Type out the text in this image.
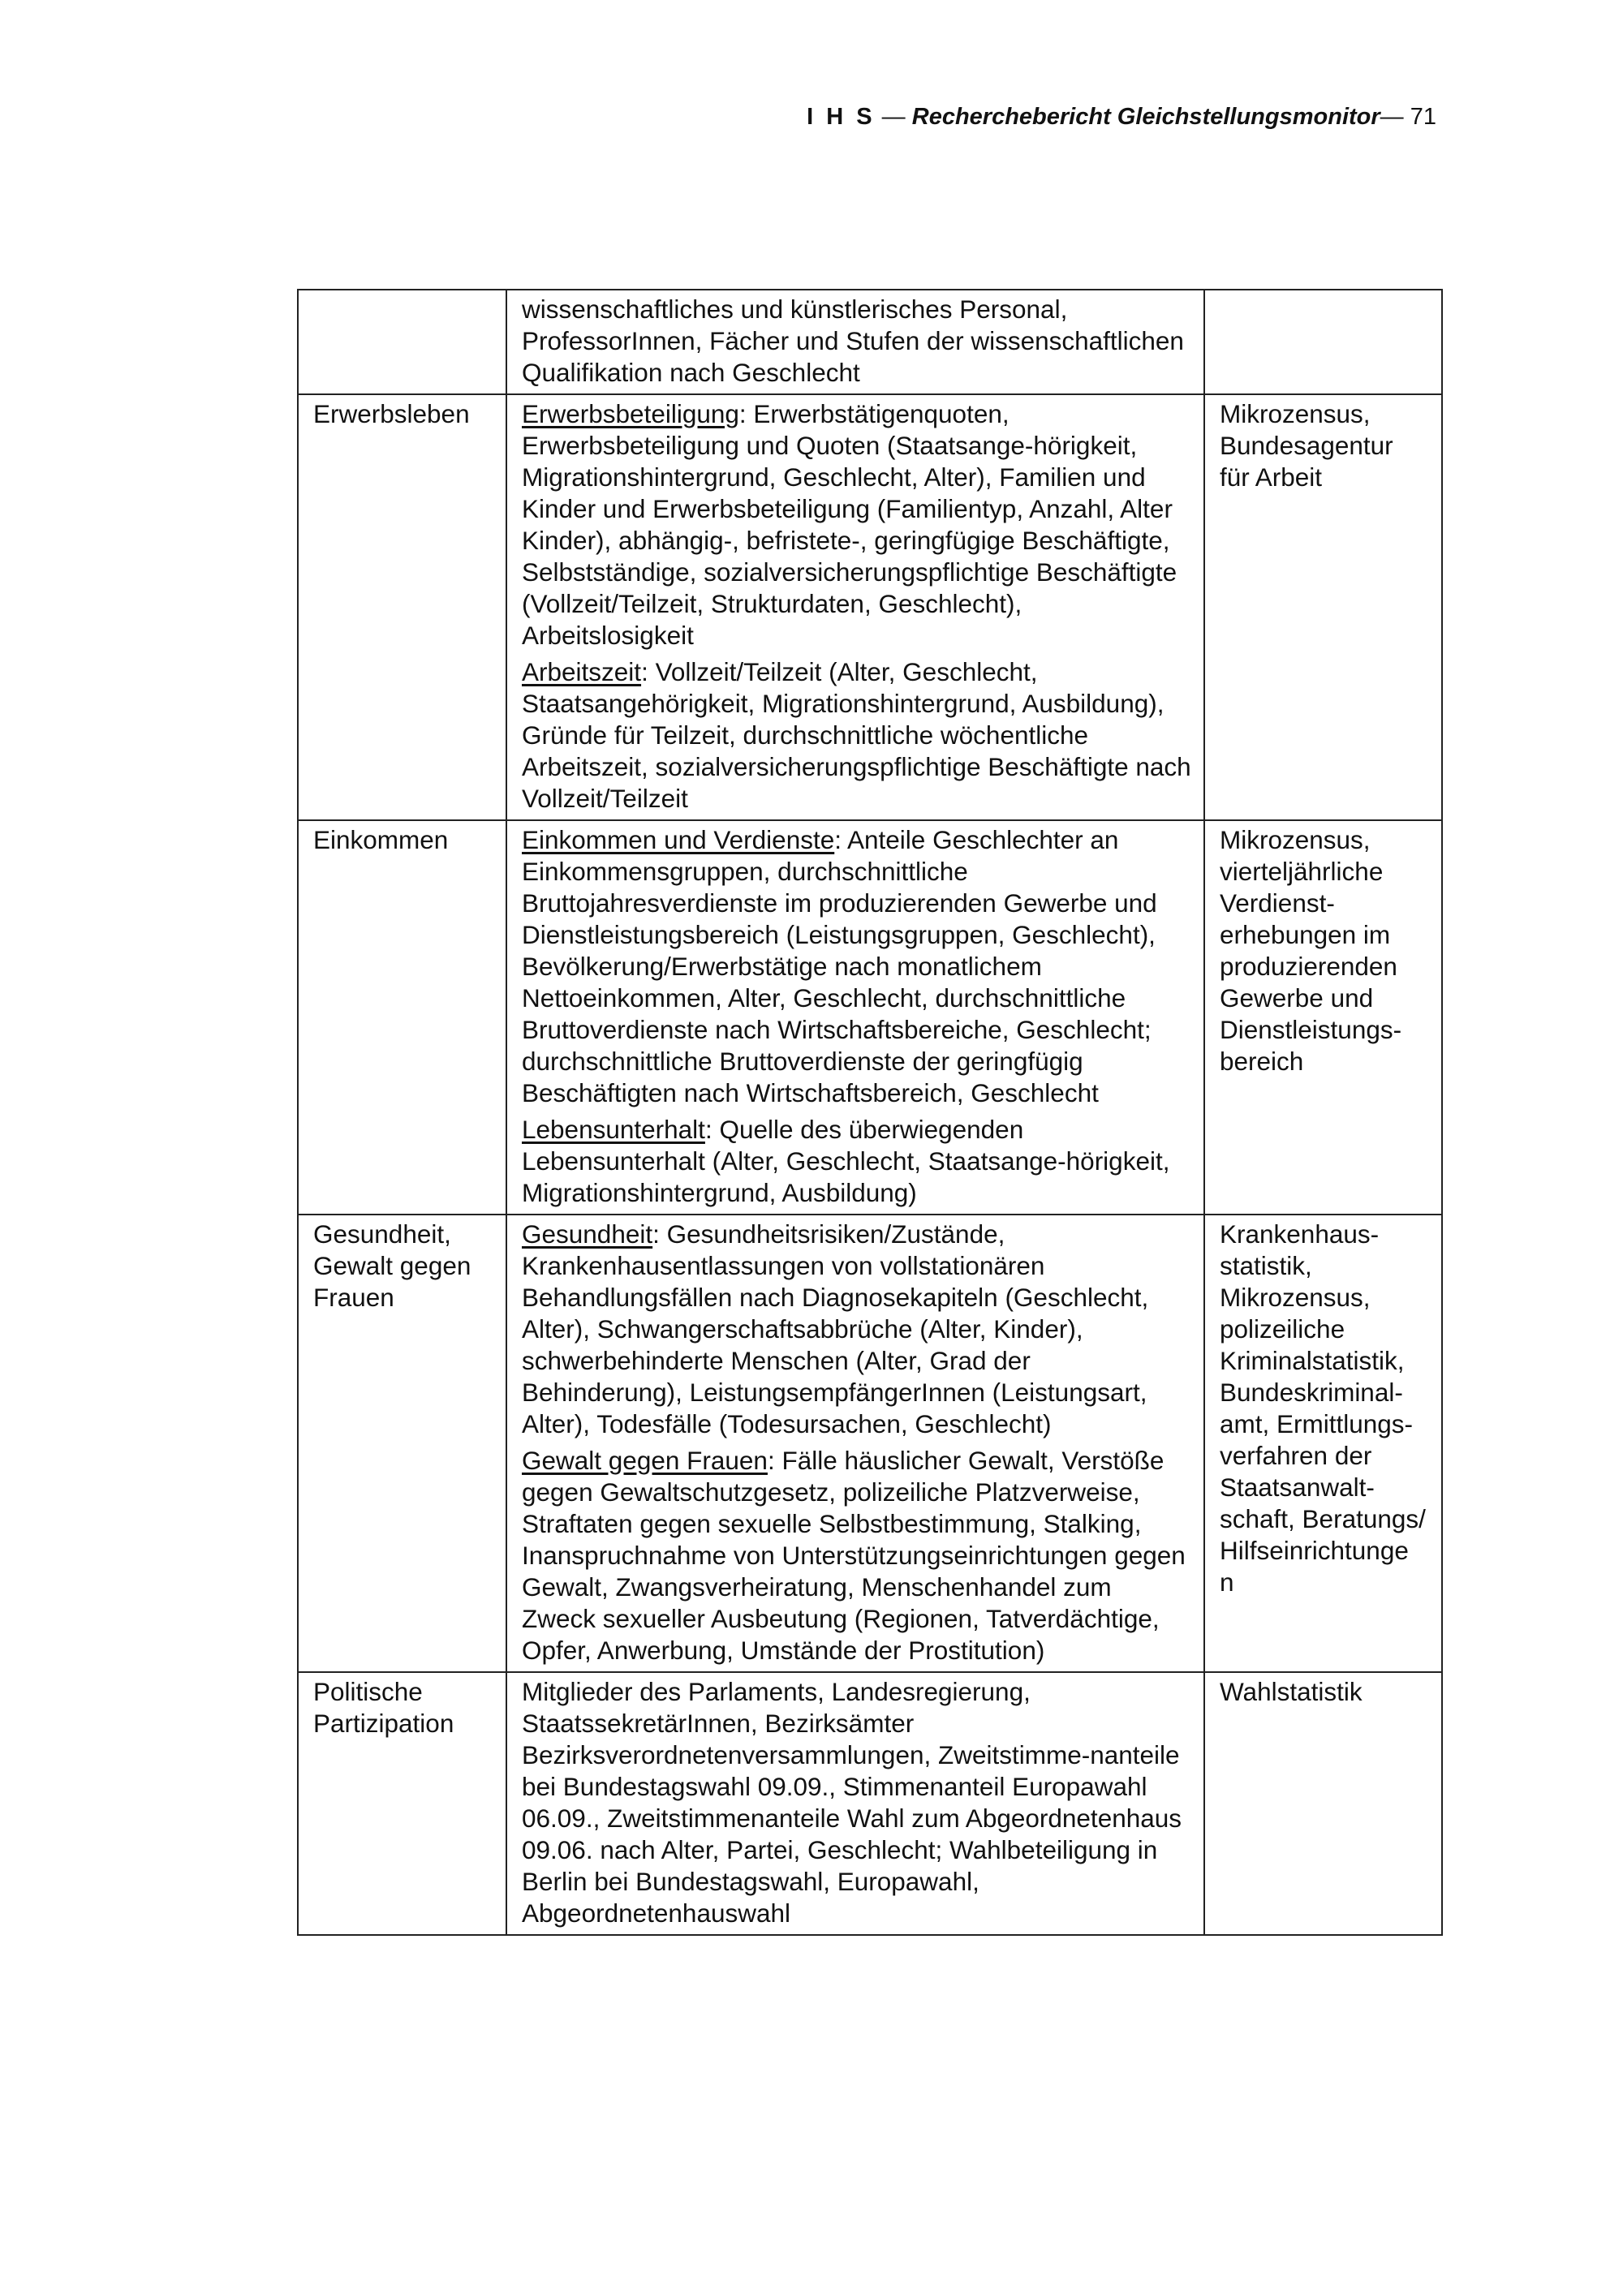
I H S — Recherchebericht Gleichstellungsmonitor— 71

	wissenschaftliches und künstlerisches Personal, ProfessorInnen, Fächer und Stufen der wissenschaftlichen Qualifikation nach Geschlecht	

Erwerbsleben	Erwerbsbeteiligung: Erwerbstätigenquoten, Erwerbsbeteiligung und Quoten (Staatsange-hörigkeit, Migrationshintergrund, Geschlecht, Alter), Familien und Kinder und Erwerbsbeteiligung (Familientyp, Anzahl, Alter Kinder), abhängig-, befristete-, geringfügige Beschäftigte, Selbstständige, sozialversicherungspflichtige Beschäftigte (Vollzeit/Teilzeit, Strukturdaten, Geschlecht), Arbeitslosigkeit

Arbeitszeit: Vollzeit/Teilzeit (Alter, Geschlecht, Staatsangehörigkeit, Migrationshintergrund, Ausbildung), Gründe für Teilzeit, durchschnittliche wöchentliche Arbeitszeit, sozialversicherungspflichtige Beschäftigte nach Vollzeit/Teilzeit	Mikrozensus, Bundesagentur für Arbeit
Einkommen	Einkommen und Verdienste: Anteile Geschlechter an Einkommensgruppen, durchschnittliche Bruttojahresverdienste im produzierenden Gewerbe und Dienstleistungsbereich (Leistungsgruppen, Geschlecht), Bevölkerung/Erwerbstätige nach monatlichem Nettoeinkommen, Alter, Geschlecht, durchschnittliche Bruttoverdienste nach Wirtschaftsbereiche, Geschlecht; durchschnittliche Bruttoverdienste der geringfügig Beschäftigten nach Wirtschaftsbereich, Geschlecht

Lebensunterhalt: Quelle des überwiegenden Lebensunterhalt (Alter, Geschlecht, Staatsange-hörigkeit, Migrationshintergrund, Ausbildung)	Mikrozensus, vierteljährliche Verdienst-erhebungen im produzierenden Gewerbe und Dienstleistungs-bereich
Gesundheit, Gewalt gegen Frauen	Gesundheit: Gesundheitsrisiken/Zustände, Krankenhausentlassungen von vollstationären Behandlungsfällen nach Diagnosekapiteln (Geschlecht, Alter), Schwangerschaftsabbrüche (Alter, Kinder), schwerbehinderte Menschen (Alter, Grad der Behinderung), LeistungsempfängerInnen (Leistungsart, Alter), Todesfälle (Todesursachen, Geschlecht)

Gewalt gegen Frauen: Fälle häuslicher Gewalt, Verstöße gegen Gewaltschutzgesetz, polizeiliche Platzverweise, Straftaten gegen sexuelle Selbstbestimmung, Stalking, Inanspruchnahme von Unterstützungseinrichtungen gegen Gewalt, Zwangsverheiratung, Menschenhandel zum Zweck sexueller Ausbeutung (Regionen, Tatverdächtige, Opfer, Anwerbung, Umstände der Prostitution)	Krankenhaus-statistik, Mikrozensus, polizeiliche Kriminalstatistik, Bundeskriminal-amt, Ermittlungs-verfahren der Staatsanwalt-schaft, Beratungs/ Hilfseinrichtunge n
Politische Partizipation	Mitglieder des Parlaments, Landesregierung, StaatssekretärInnen, Bezirksämter Bezirksverordnetenversammlungen, Zweitstimme-nanteile bei Bundestagswahl 09.09., Stimmenanteil Europawahl 06.09., Zweitstimmenanteile Wahl zum Abgeordnetenhaus 09.06. nach Alter, Partei, Geschlecht; Wahlbeteiligung in Berlin bei Bundestagswahl, Europawahl, Abgeordnetenhauswahl	Wahlstatistik
